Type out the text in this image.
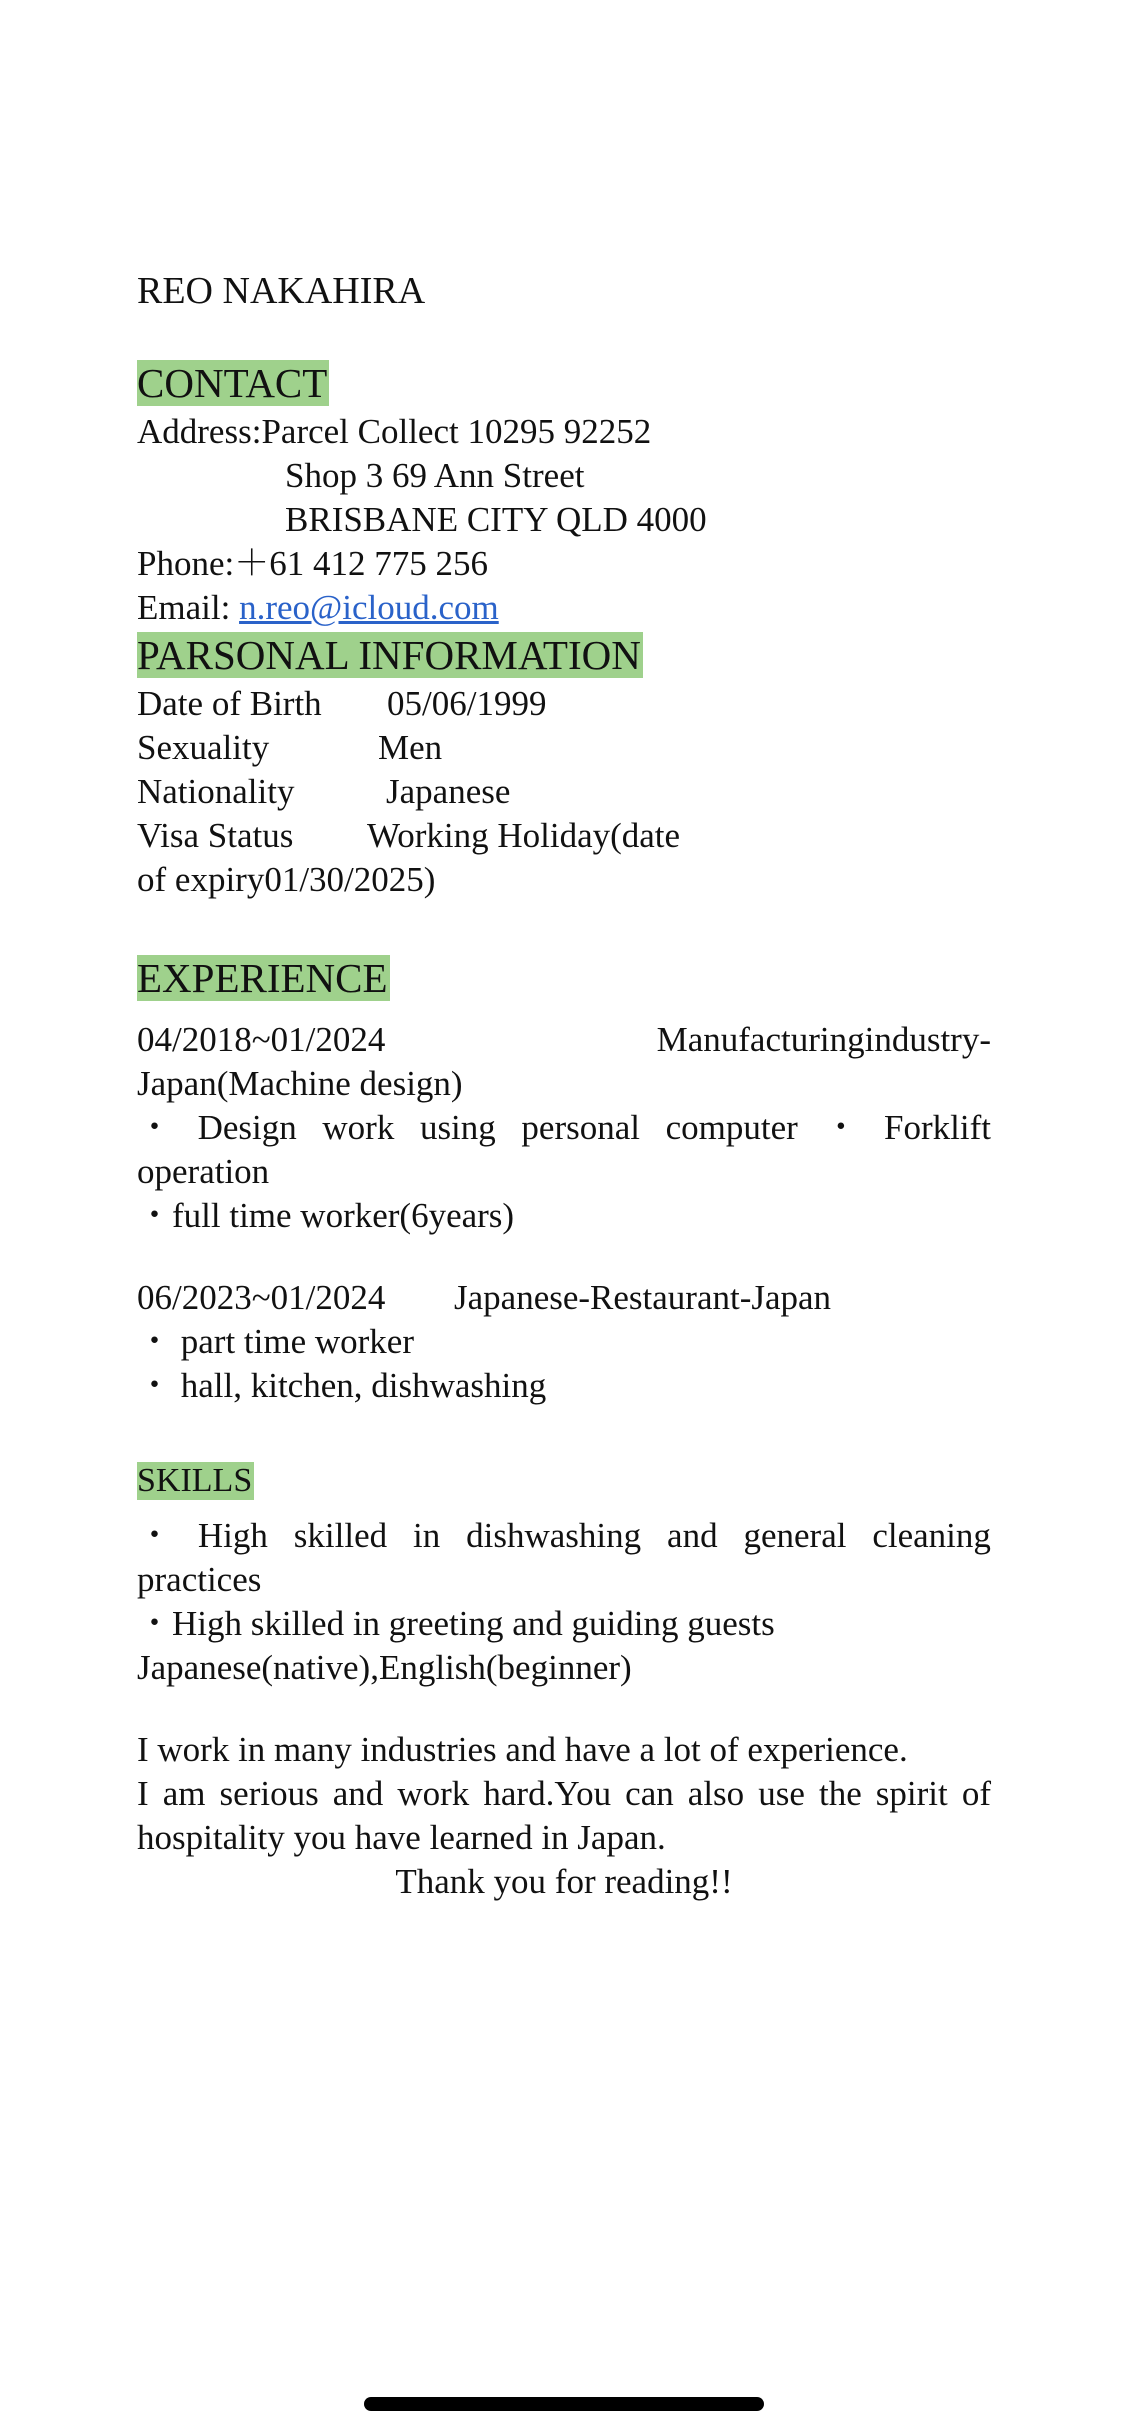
REO NAKAHIRA
CONTACT
Address:Parcel Collect 10295 92252
Shop 3 69 Ann Street
BRISBANE CITY QLD 4000
Phone:＋61 412 775 256
Email: n.reo@icloud.com
PARSONAL INFORMATION
Date of Birth 05/06/1999
Sexuality	Men
Nationality	Japanese
Visa Status Working Holiday(date
of expiry01/30/2025)
EXPERIENCE
04/2018~01/2024	Manufacturingindustry-
Japan(Machine design)
・ Design work using personal computer ・ Forklift
operation
・full time worker(6years)
06/2023~01/2024 Japanese-Restaurant-Japan
・ part time worker
・ hall, kitchen, dishwashing
SKILLS
・ High skilled in dishwashing and general cleaning
practices
・High skilled in greeting and guiding guests
Japanese(native),English(beginner)
I work in many industries and have a lot of experience.
I am serious and work hard.You can also use the spirit of
hospitality you have learned in Japan.
Thank you for reading!!
